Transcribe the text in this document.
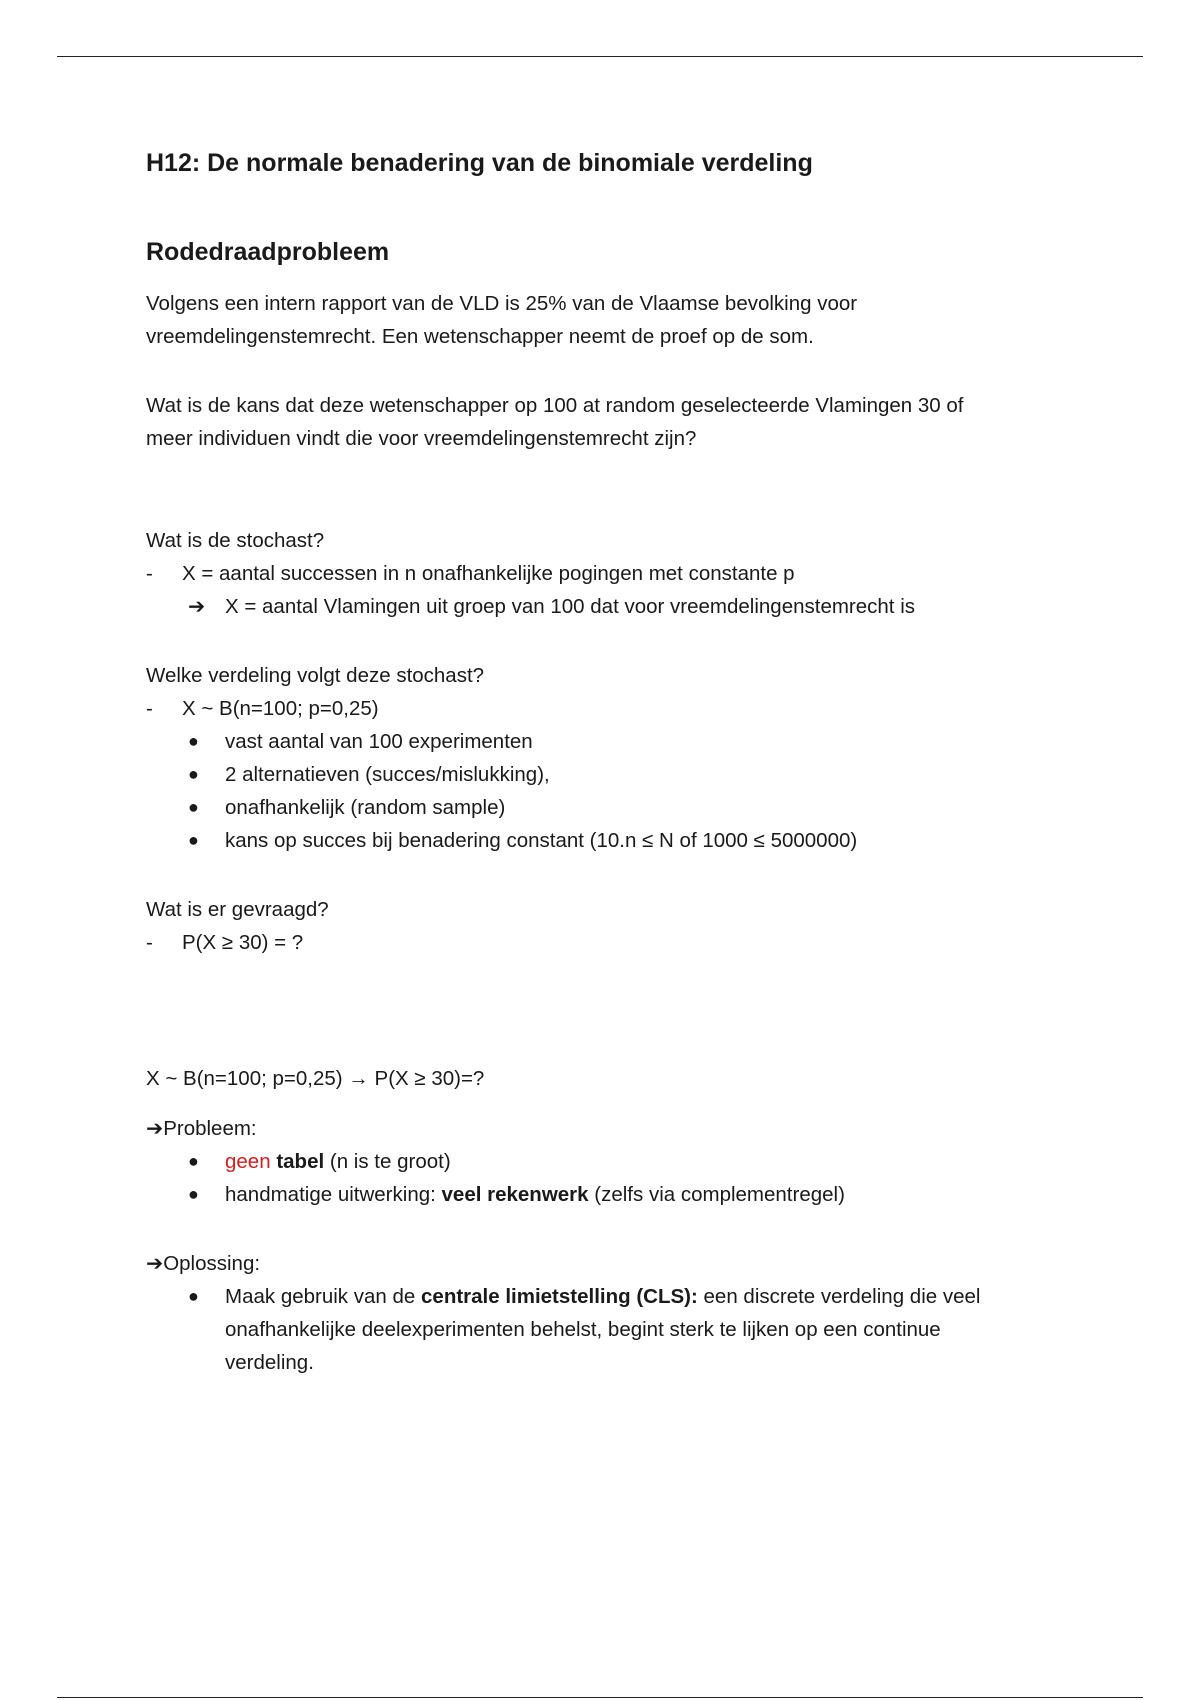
H12: De normale benadering van de binomiale verdeling
Rodedraadprobleem

Volgens een intern rapport van de VLD is 25% van de Vlaamse bevolking voor

vreemdelingenstemrecht. Een wetenschapper neemt de proef op de som.

Wat is de kans dat deze wetenschapper op 100 at random geselecteerde Vlamingen 30 of

meer individuen vindt die voor vreemdelingenstemrecht zijn?

Wat is de stochast?

- X = aantal successen in n onafhankelijke pogingen met constante p
➔ X = aantal Vlamingen uit groep van 100 dat voor vreemdelingenstemrecht is

Welke verdeling volgt deze stochast?

- X ~ B(n=100; p=0,25)
● vast aantal van 100 experimenten
● 2 alternatieven (succes/mislukking),
● onafhankelijk (random sample)
● kans op succes bij benadering constant (10.n ≤ N of 1000 ≤ 5000000)

Wat is er gevraagd?

- P(X ≥ 30) = ?

X ~ B(n=100; p=0,25) → P(X ≥ 30)=?

➔Probleem:

● geen tabel (n is te groot)
● handmatige uitwerking: veel rekenwerk (zelfs via complementregel)

➔Oplossing:

● Maak gebruik van de centrale limietstelling (CLS): een discrete verdeling die veel
onafhankelijke deelexperimenten behelst, begint sterk te lijken op een continue
verdeling.
